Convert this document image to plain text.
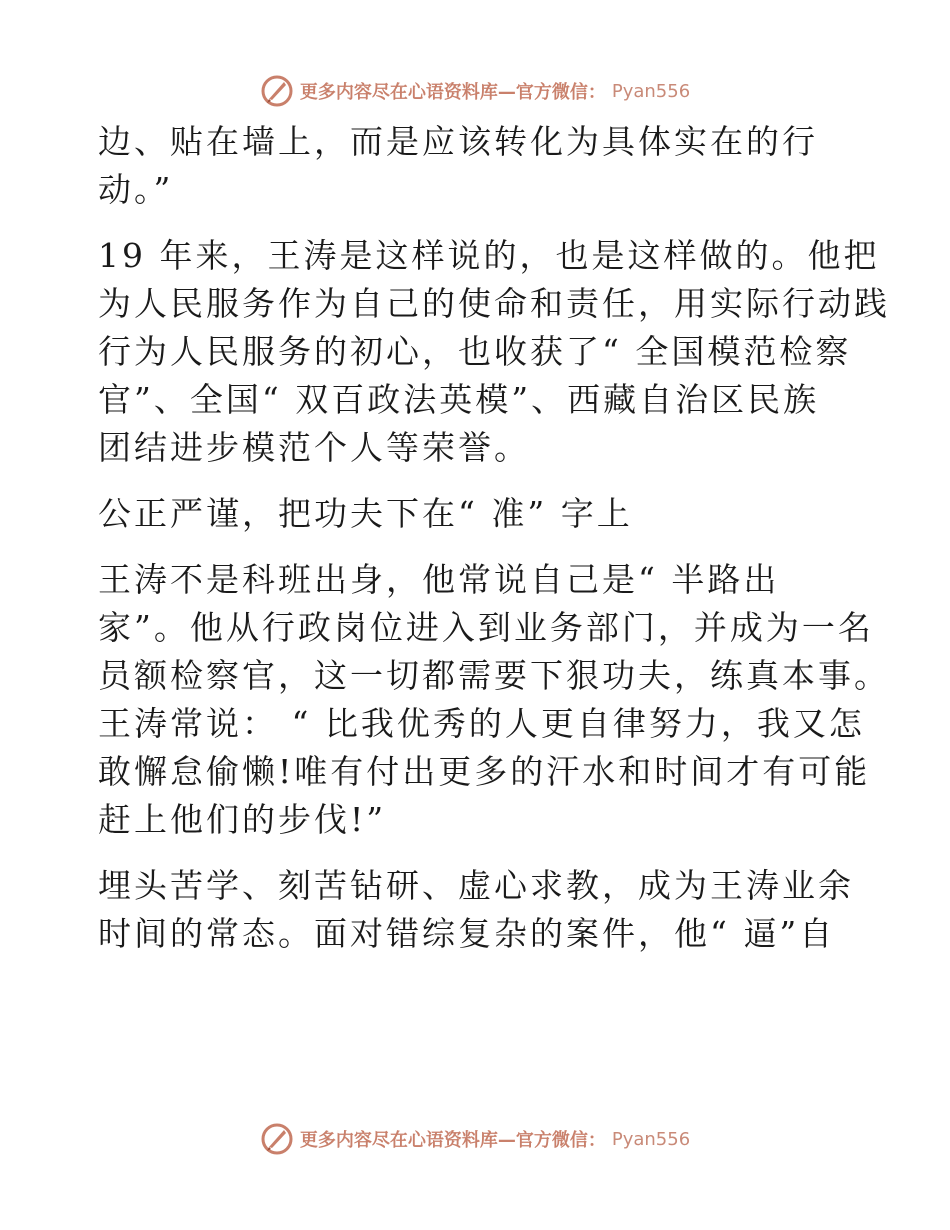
更多内容尽在心语资料库—官方微信： Pyan556
边、贴在墙上，而是应该转化为具体实在的行
动。”
19 年来，王涛是这样说的，也是这样做的。他把
为人民服务作为自己的使命和责任，用实际行动践
行为人民服务的初心，也收获了“ 全国模范检察
官”、全国“ 双百政法英模”、西藏自治区民族
团结进步模范个人等荣誉。
公正严谨，把功夫下在“ 准” 字上
王涛不是科班出身，他常说自己是“ 半路出
家”。他从行政岗位进入到业务部门，并成为一名
员额检察官，这一切都需要下狠功夫，练真本事。
王涛常说： “ 比我优秀的人更自律努力，我又怎
敢懈怠偷懒!唯有付出更多的汗水和时间才有可能
赶上他们的步伐!”
埋头苦学、刻苦钻研、虚心求教，成为王涛业余
时间的常态。面对错综复杂的案件，他“ 逼”自
更多内容尽在心语资料库—官方微信： Pyan556
